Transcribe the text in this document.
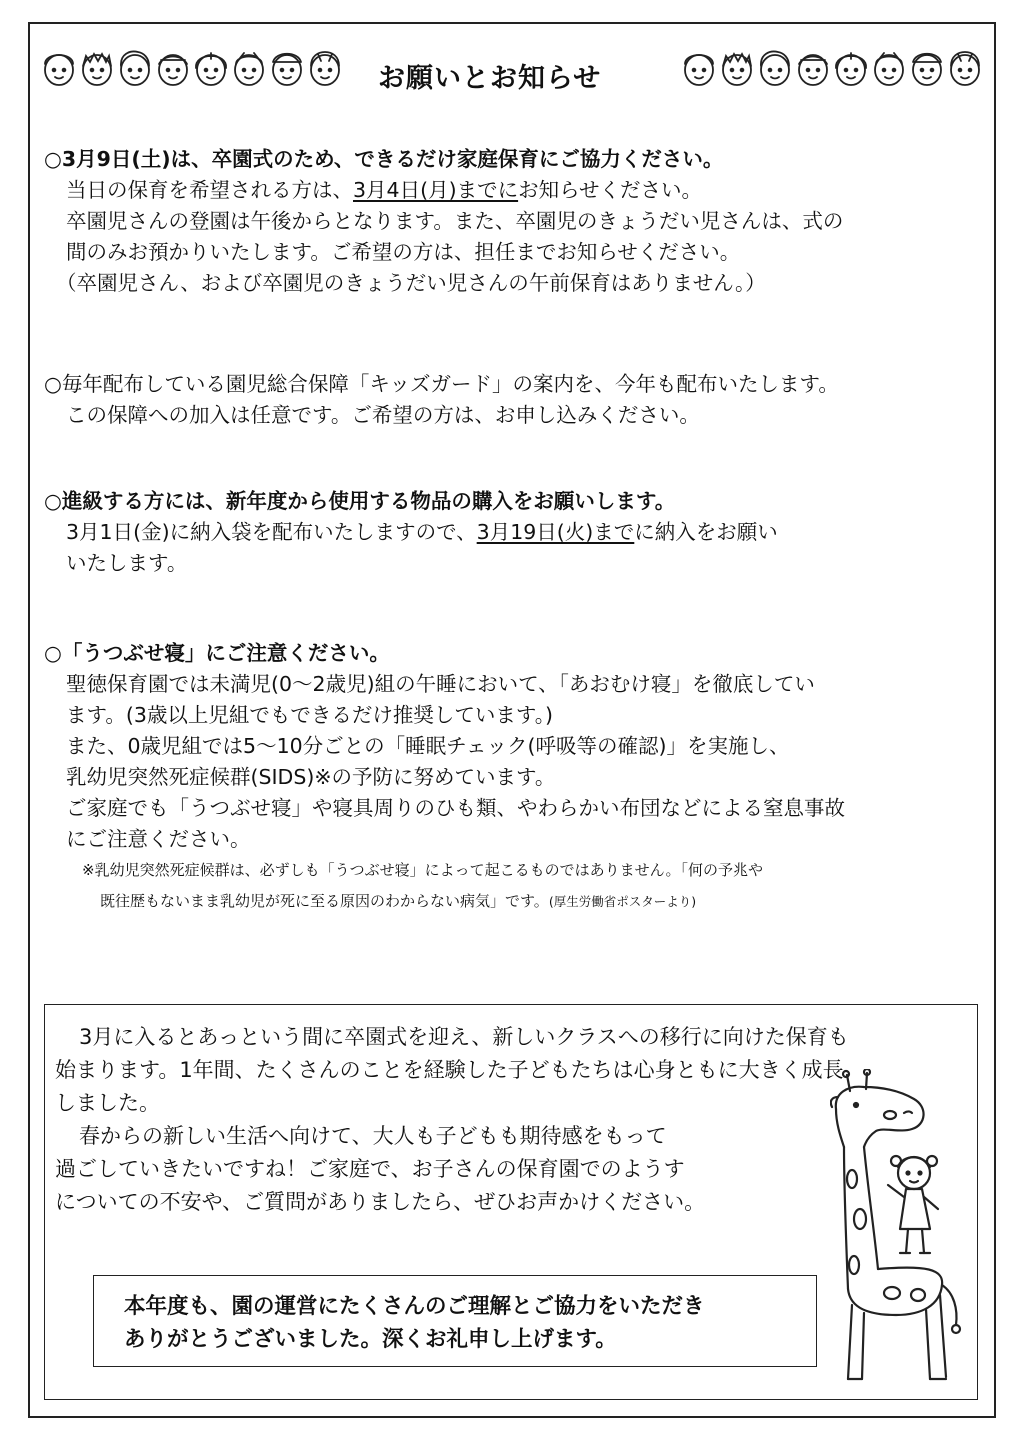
お願いとお知らせ
○3月9日(土)は、卒園式のため、できるだけ家庭保育にご協力ください。
当日の保育を希望される方は、3月4日(月)までにお知らせください。
卒園児さんの登園は午後からとなります。また、卒園児のきょうだい児さんは、式の
間のみお預かりいたします。ご希望の方は、担任までお知らせください。
（卒園児さん、および卒園児のきょうだい児さんの午前保育はありません。）
○毎年配布している園児総合保障「キッズガード」の案内を、今年も配布いたします。
この保障への加入は任意です。ご希望の方は、お申し込みください。
○進級する方には、新年度から使用する物品の購入をお願いします。
3月1日(金)に納入袋を配布いたしますので、3月19日(火)までに納入をお願い
いたします。
○「うつぶせ寝」にご注意ください。
聖徳保育園では未満児(0～2歳児)組の午睡において、「あおむけ寝」を徹底してい
ます。(3歳以上児組でもできるだけ推奨しています。)
また、0歳児組では5～10分ごとの「睡眠チェック(呼吸等の確認)」を実施し、
乳幼児突然死症候群(SIDS)※の予防に努めています。
ご家庭でも「うつぶせ寝」や寝具周りのひも類、やわらかい布団などによる窒息事故
にご注意ください。
※乳幼児突然死症候群は、必ずしも「うつぶせ寝」によって起こるものではありません。「何の予兆や
既往歴もないまま乳幼児が死に至る原因のわからない病気」です。(厚生労働省ポスターより)
3月に入るとあっという間に卒園式を迎え、新しいクラスへの移行に向けた保育も
始まります。1年間、たくさんのことを経験した子どもたちは心身ともに大きく成長
しました。
春からの新しい生活へ向けて、大人も子どもも期待感をもって
過ごしていきたいですね！ご家庭で、お子さんの保育園でのようす
についての不安や、ご質問がありましたら、ぜひお声かけください。
本年度も、園の運営にたくさんのご理解とご協力をいただき
ありがとうございました。深くお礼申し上げます。
